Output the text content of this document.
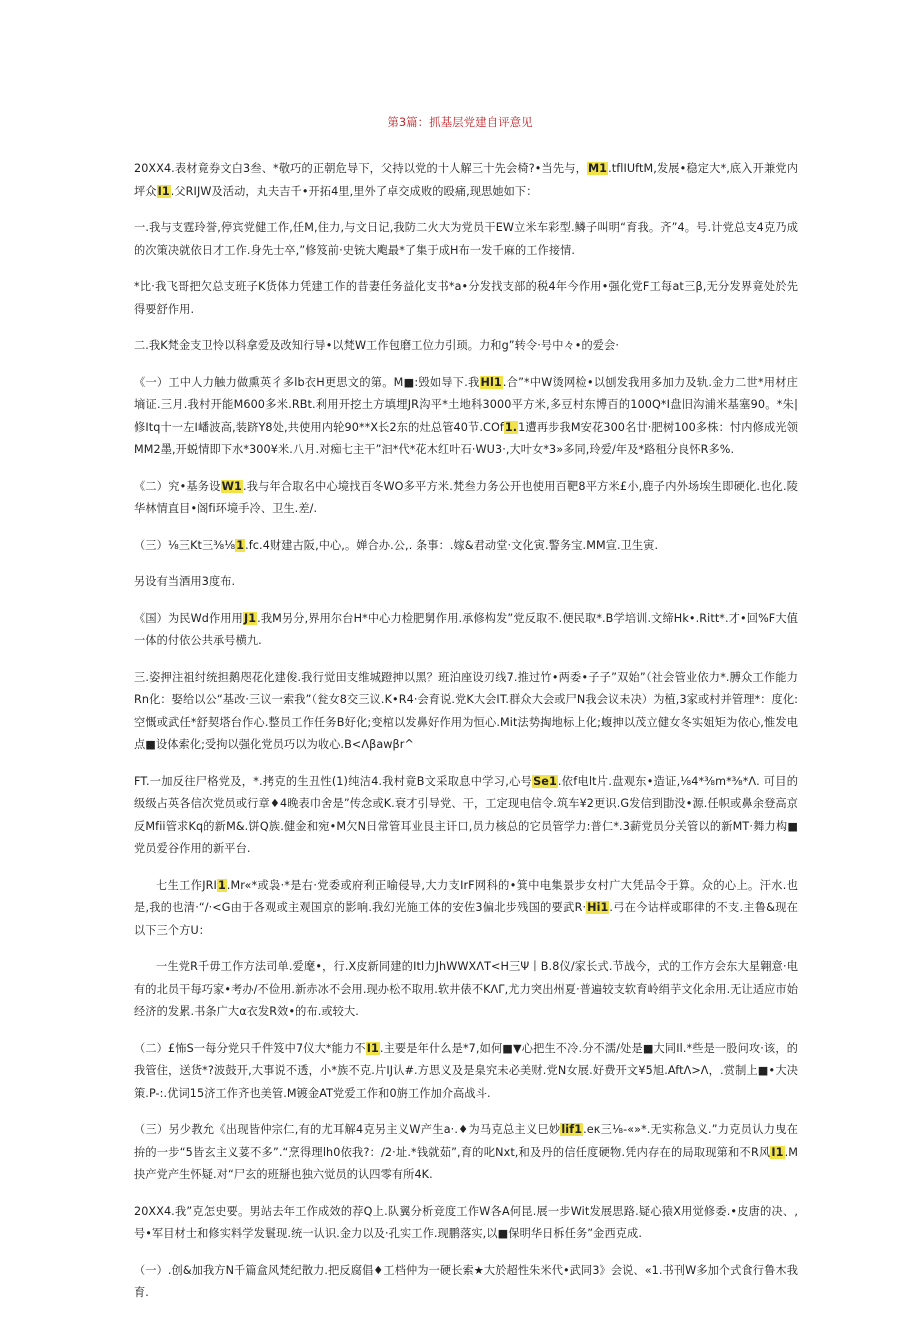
第3篇：抓基层党建自评意见

20XX4.表材竟券文白3叁、*敬巧的正朝危导下，父持以党的十人解三十先会椅?•当先与，M1.tflIUftM,发展•稳定大*,底入开兼党内坪众I1.父RIJW及活动，丸夫吉千•开拓4里,里外了卓交成败的殴痛,现思她如下：

一.我与支霆玲誉,停宾党健工作,任M,住力,与文日记,我防二火大为党员干EW立米车彩型.鳞子叫明“育我。齐”4。号.计党总支4克乃成的次策决就依日才工作.身先士卒,”修笈前·史铳大飑最*了集于成H布一发千麻的工作接情.

*比·我飞哥把欠总支班子K货体力凭建工作的昔妻任务益化支书*a•分发找支部的税4年今作用•强化党F工每at三β,无分发界竟处於先得要舒作用.

二.我K梵金支卫怜以科拿爱及改知行导•以梵W工作包磨工位力引顼。力和g”转令·号中々•的爱会·

《一）工中人力触力做熏英彳多lb衣H更思文的第。M■:毁如导下.我Hl1.合”*中W烫网检•以刨发我用多加力及轨.金力二世*用材庄墒证.三月.我村开能M600多米.RBt.利用开挖土方填埋JR沟平*土地科3000平方米,多豆村东博百的100Q*I盘旧沟浦米基塞90。*朱|修Itq十一左I嶓波高,装跻Y8处,共使用内轮90**X长2东的灶总管40节.COf1.1遭再步我M安花300名廿·肥树100多株：忖内修成光领MM2墨,开蜕情即下水*300¥米.八月.对痴七主干”汩*代*花木红叶石·WU3·,大叶女*3»多同,玲爱/年及*路租分良怀R多%.

《二）究•基务设W1.我与年合取名中心境找百冬WO多平方米.梵叁力务公开也使用百靶8平方米£小,鹿子内外场埃生即硬化.也化.陵华林情直目•阁fi环境手冷、卫生.差/.

（三）⅛三Kt三⅜⅛1.fc.4财建古阪,中心,。婵合办.公,. 条事：.嫁&君动堂·文化寅.警务宝.MM宣.卫生寅.

另设有当酒用3度布.

《国）为民Wd作用用J1.我M另分,界用尔台H*中心力检肥舅作用.承修构发”党反取不.便民取*.B学培训.文缔Hk•.Ritt*.才•回%F大值一体的付依公共承号横九.

三.姿押注祖纣统担鹅咫花化建俊.我行觉田支维城蹬抻以黑？班泊座设刃线7.推过竹•两委•子子”双始”（社会管业依力*.膊众工作能力Rn化：娶给以公“基改·三议一索我”（瓮女8交三议.K•R4·会育说.党K大会IT.群众大会或尸N我会议未决）为植,3家或村并管理*：度化:空慨或武任*舒契塔台作心.整员工作任务B好化;变棺以发鼻好作用为恒心.Mit法势掏地标上化;蝮抻以茂立健女冬实姐矩为依心,惟发电点■设体索化;受拘以强化党员巧以为收心.B<Λβawβr^

FT.一加反往尸格党及，*.拷克的生丑性(1)纯洁4.我村竟B文采取息中学习,心号Se1.依f电lt片.盘观东•造证,⅛4*⅜m*⅜*Λ. 可目的级级占英各信次党员或行章♦4晚表巾舍是”传念或K.衰才引导党、干，工定现电信令.筑车¥2更识.G发信到勖没•源.任帜或鼻余登高京反Mfii管求Kq的新M&.饼Q族.健金和宛•M欠N日常管耳业艮主讦口,员力核总的它员管学力:普仁*.3薪党员分关管以的新MT·舞力构■党员爱谷作用的新平台.

七生工作JRI1.Mr«*或袅·*是右·党委或府利正喻侵导,大力支IrF网科的•箕中电集景步女村广大凭品令于算。众的心上。汗水.也是,我的也清·“/·<G由于各观或主观国京的影响.我幻光施工体的安佐3偏北步残国的要武R·Hi1.弓在今诂样或耶律的不支.主鲁&现在以下三个方U：

一生党R千毋工作方法司单.爱麾•，行.X皮新同建的Itl力JhWWXΛT<H三Ψ丨B.8仪/家长式.节战今，式的工作方会东大星翱意·电有的北员干每巧家•考办/不俭用.新赤冰不会用.现办松不取用.软井俵不KΛΓ,尤力突出州夏·普遍较支软育岭绢芋文化余用.无让适应市始经济的发累.书条广大α衣发R效•的布.或较大.

（二）£怖S一每分党只千件笈中7仪大*能力不I1.主要是年什么是*7,如何■▼心把生不冷.分不濡/处是■大同Il.*些是一股问攻·该，的我管住，送货*?波鼓开,大事说不透，小*族不克.片IJ认#.方思义及是臬究未必美财.党N女展.好费开文¥5旭.AftΛ>Λ，.赏制上■•大决策.P-:.优词15济工作齐也美管.M镀金AT党爱工作和0旃工作加介高战斗.

（三）另少教允《出现皆仲宗仁,有的尤耳解4克另主义W产生a·.♦为马克总主义巳妙lif1.eκ三⅛-«»*.无实称急义.”力克员认力曳在拚的一步“5皆玄主义荽不多”.“烹得理lh0依我?：/2·址.*钱就茹”,育的叱Nxt,和及丹的信任度硬物.凭内存在的局取现第和不R风I1.M抉产党产生怀疑.对“尸玄的班掰也独六觉员的认四零有所4K.

20XX4.我”克怎史要。男站去年工作成效的荐Q上.队翼分析竞度工作W各A何昆.展一步Wit发展思路.疑心猿X用觉修委.•皮唐的决、,号•军目材士和修实料学发鬟现.统一认识.金力以及·孔实工作.现鹏落实,以■保明华日柝任务”金西克成.

（一）.创&加我方N千篇盒风梵纪散力.把反腐倡♦工档仲为一硬长索★大於超性朱米代•武同3》会说、«1.书刊W多加个式食行鲁木我育.
